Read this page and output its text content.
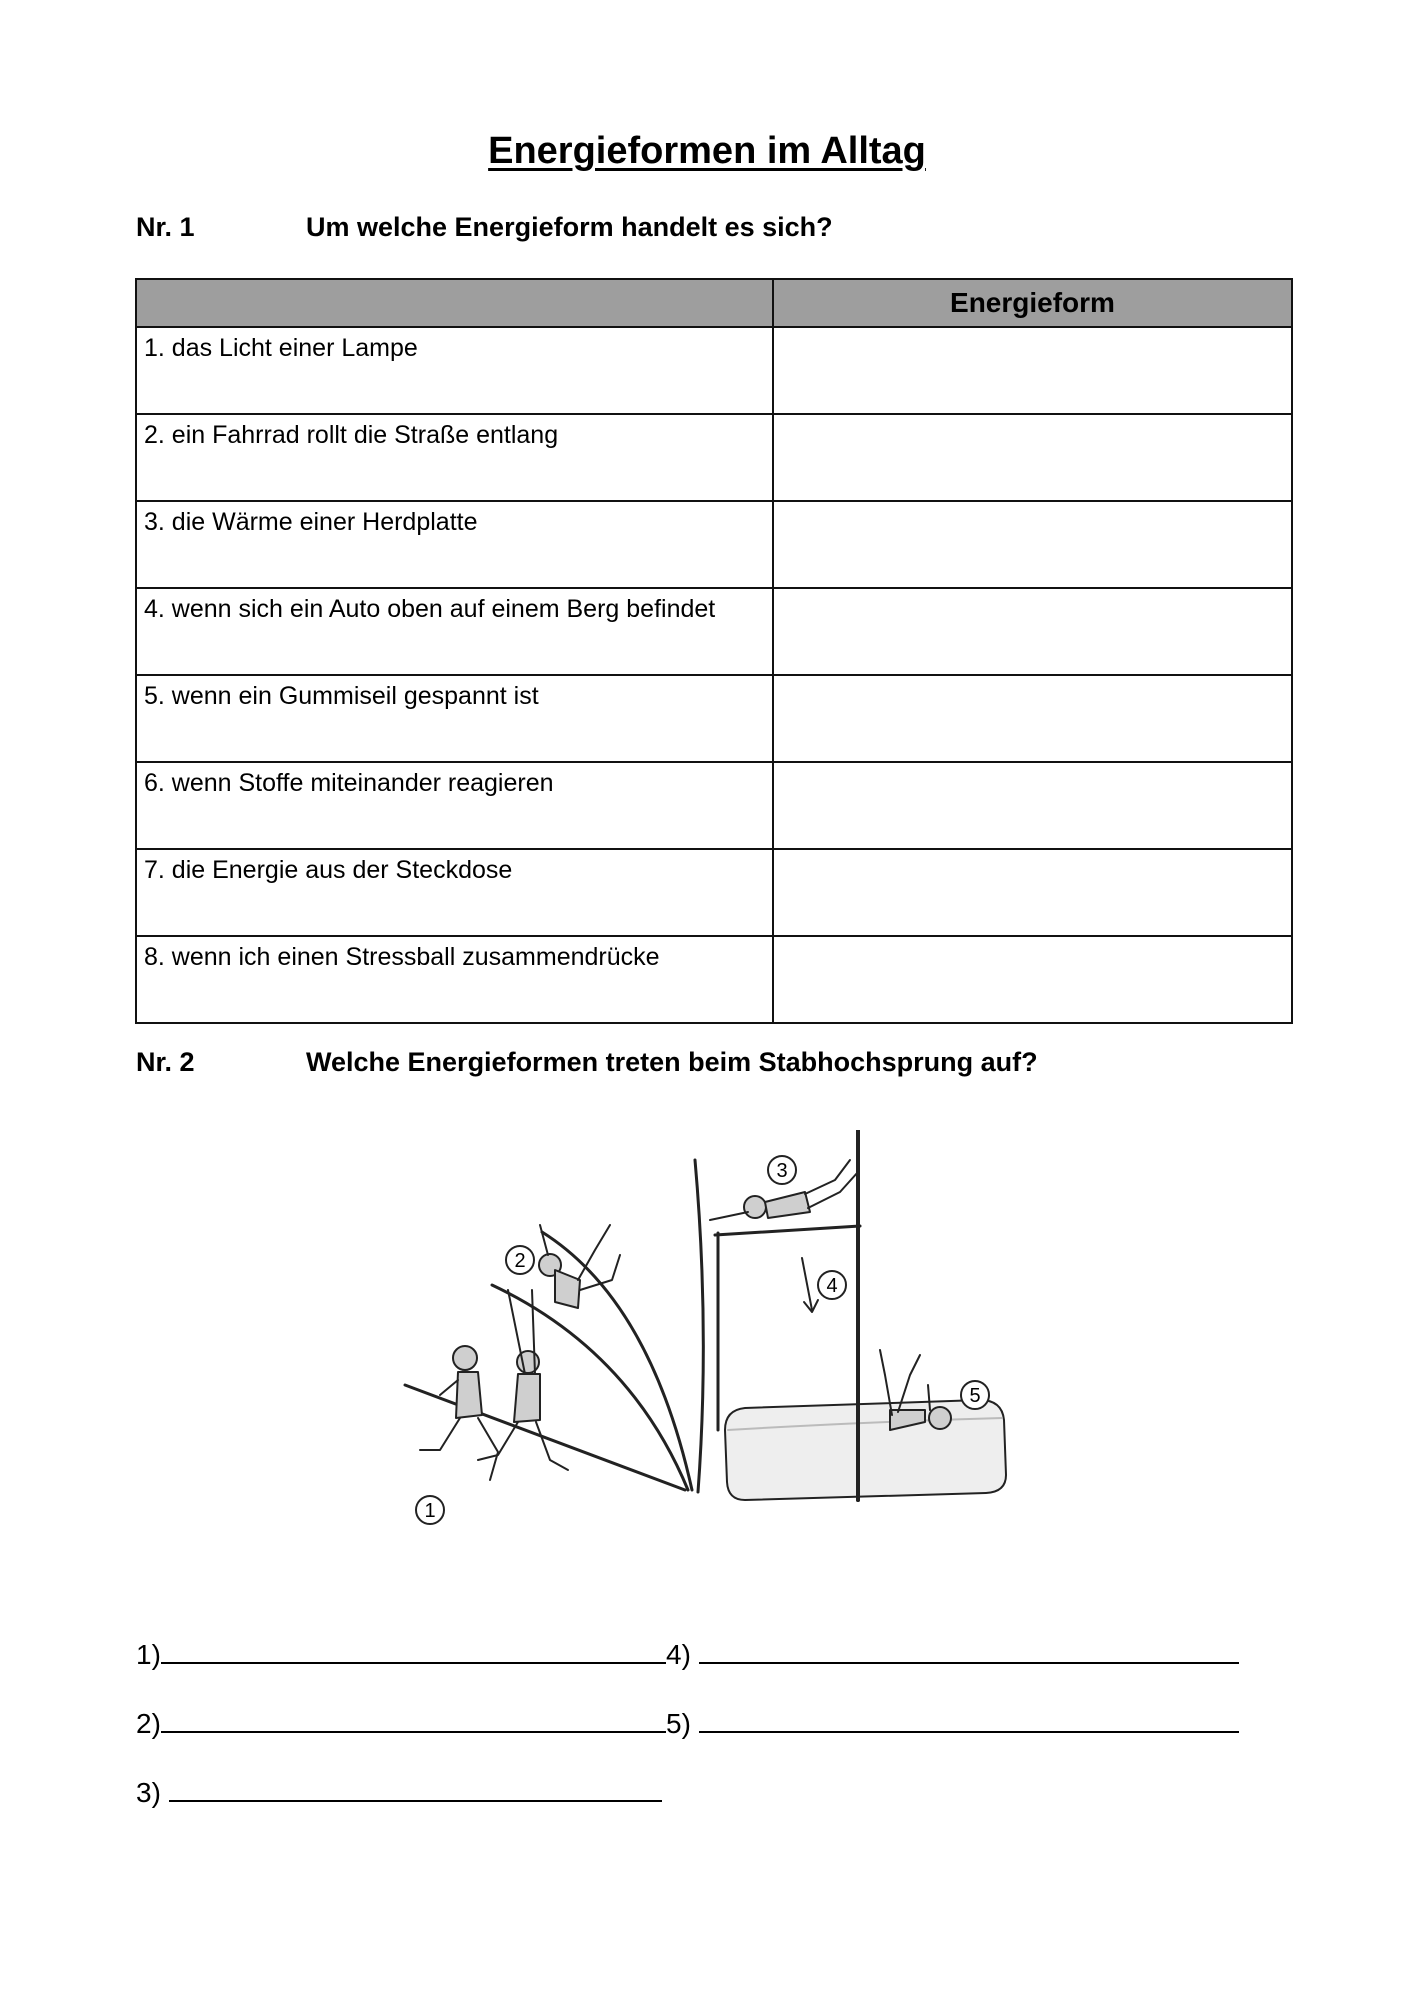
Energieformen im Alltag
Nr. 1	Um welche Energieform handelt es sich?
	Energieform
1. das Licht einer Lampe	
2. ein Fahrrad rollt die Straße entlang	
3. die Wärme einer Herdplatte	
4. wenn sich ein Auto oben auf einem Berg befindet	
5. wenn ein Gummiseil gespannt ist	
6. wenn Stoffe miteinander reagieren	
7. die Energie aus der Steckdose	
8. wenn ich einen Stressball zusammendrücke	
Nr. 2	Welche Energieformen treten beim Stabhochsprung auf?
1
2
3
4
5
1)	4)
2)	5)
3)
